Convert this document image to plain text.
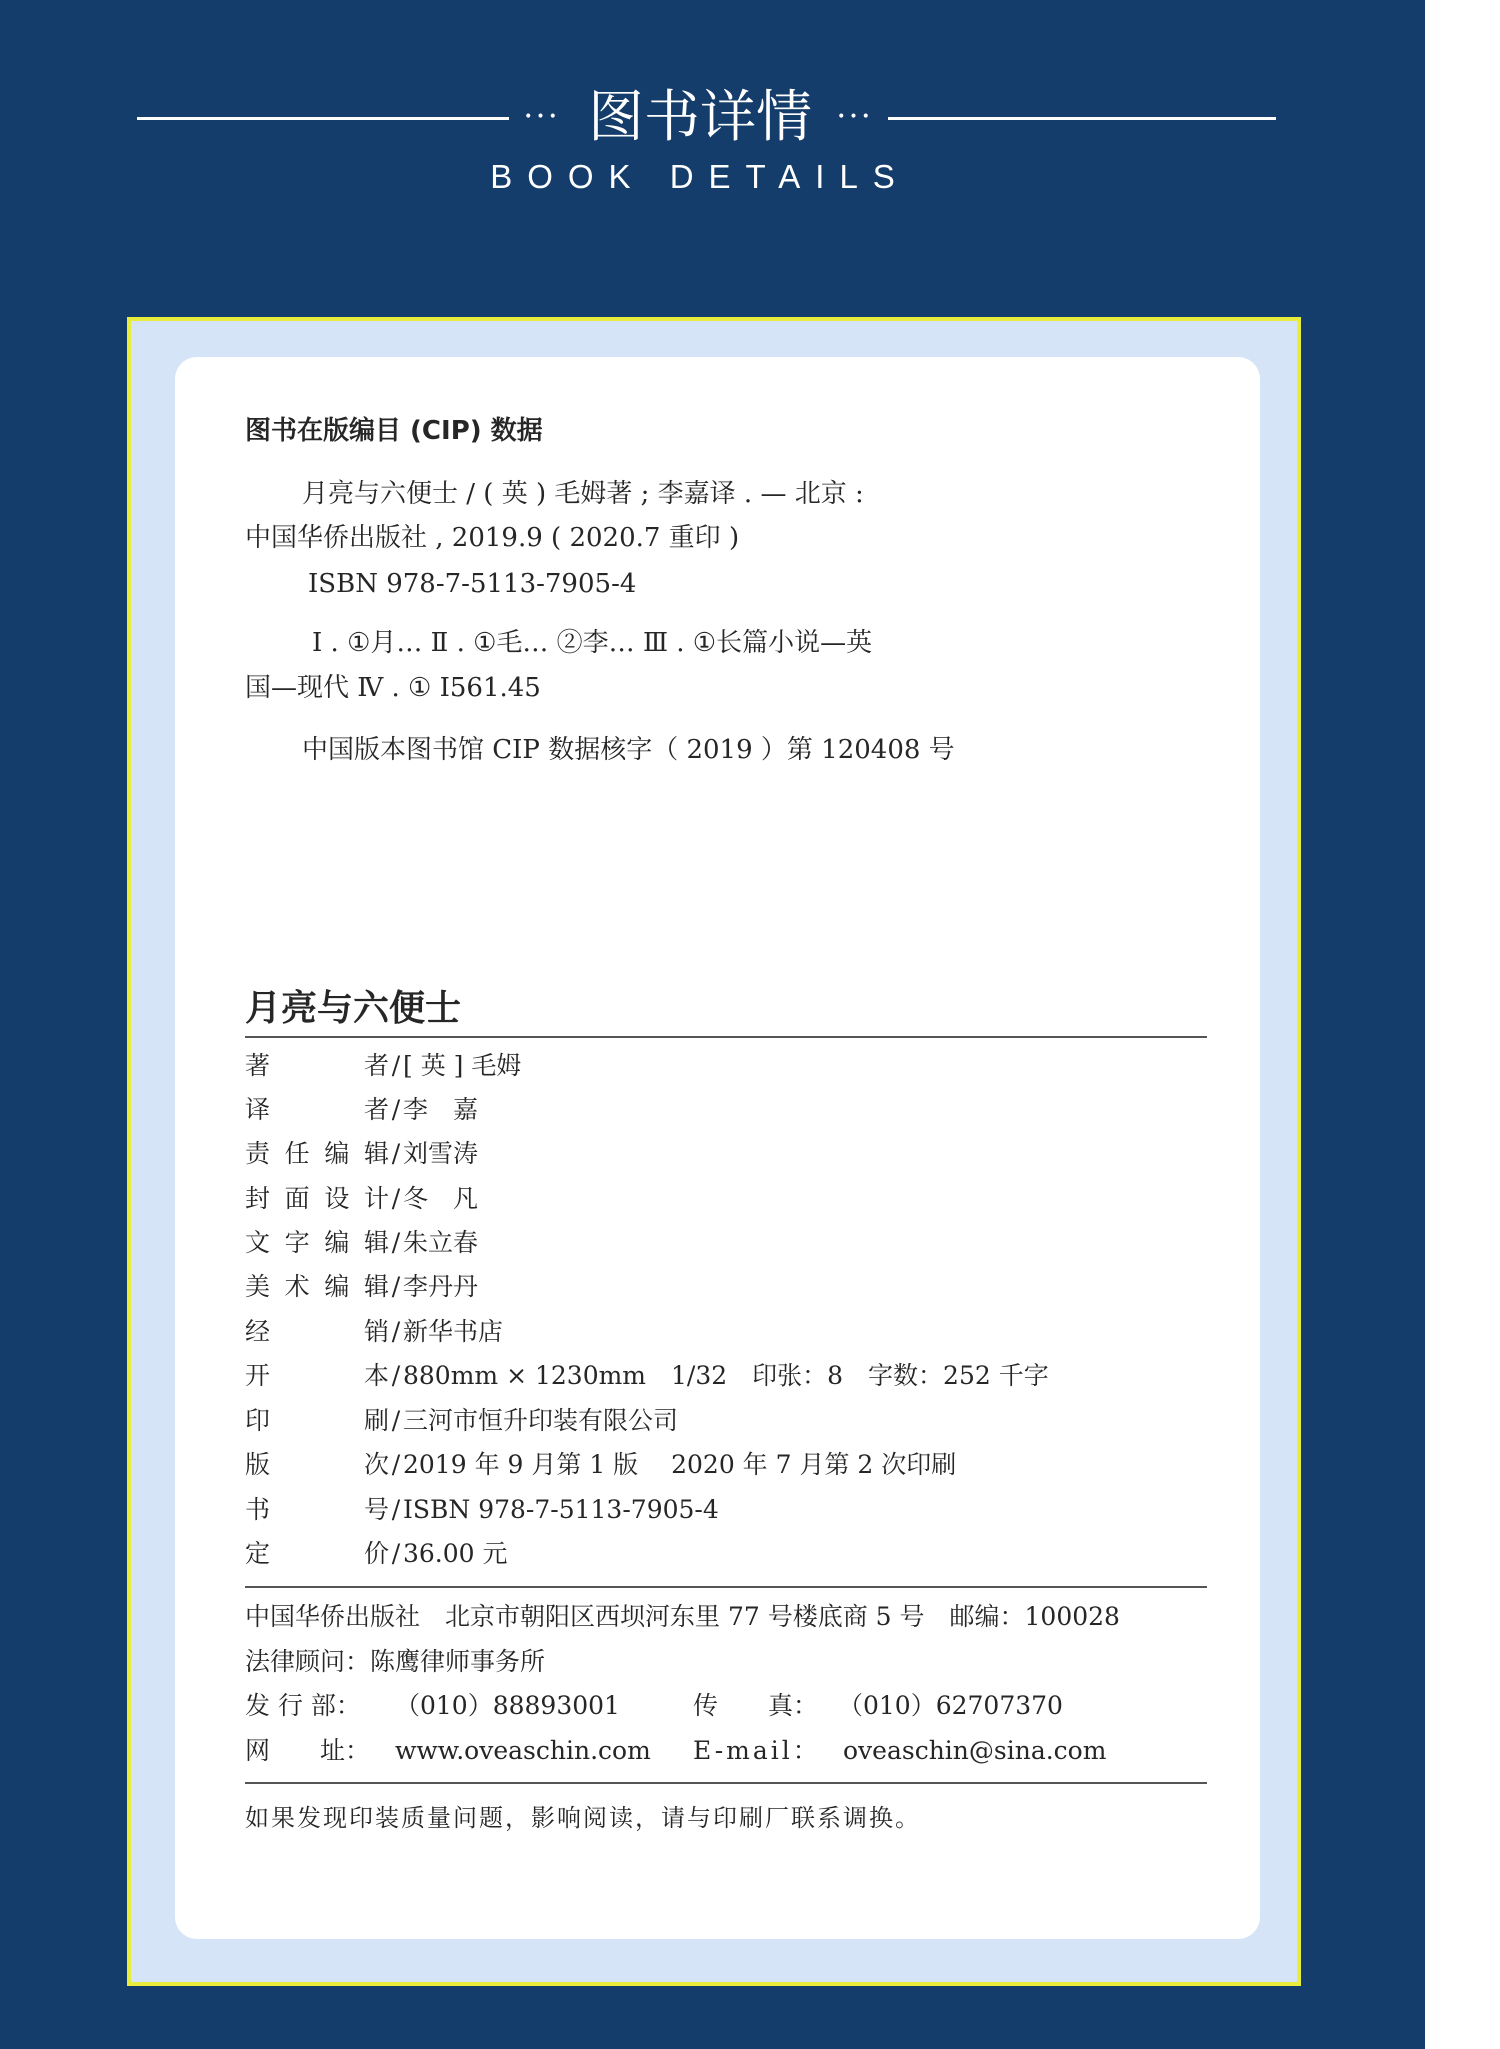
••• 图书详情	•••
BOOK DETAILS
图书在版编目 (CIP) 数据
月亮与六便士 / ( 英 ) 毛姆著 ; 李嘉译 . — 北京 :
中国华侨出版社 , 2019.9 ( 2020.7 重印 )
ISBN 978-7-5113-7905-4
Ⅰ . ①月… Ⅱ . ①毛… ②李… Ⅲ . ①长篇小说—英
国—现代 Ⅳ . ① I561.45
中国版本图书馆 CIP 数据核字（ 2019 ）第 120408 号
月亮与六便士
著者 / [ 英 ] 毛姆
译者 / 李　嘉
责任编辑 / 刘雪涛
封面设计 / 冬　凡
文字编辑 / 朱立春
美术编辑 / 李丹丹
经销 / 新华书店
开本 / 880mm × 1230mm　1/32　印张：8　字数：252 千字
印刷 / 三河市恒升印装有限公司
版次 / 2019 年 9 月第 1 版　 2020 年 7 月第 2 次印刷
书号 / ISBN 978-7-5113-7905-4
定价 / 36.00 元
中国华侨出版社　北京市朝阳区西坝河东里 77 号楼底商 5 号　邮编：100028
法律顾问：陈鹰律师事务所
发 行 部： （010）88893001	传　　真： （010）62707370
网　　址： www.oveaschin.com E-mail： oveaschin@sina.com
如果发现印装质量问题，影响阅读，请与印刷厂联系调换。
